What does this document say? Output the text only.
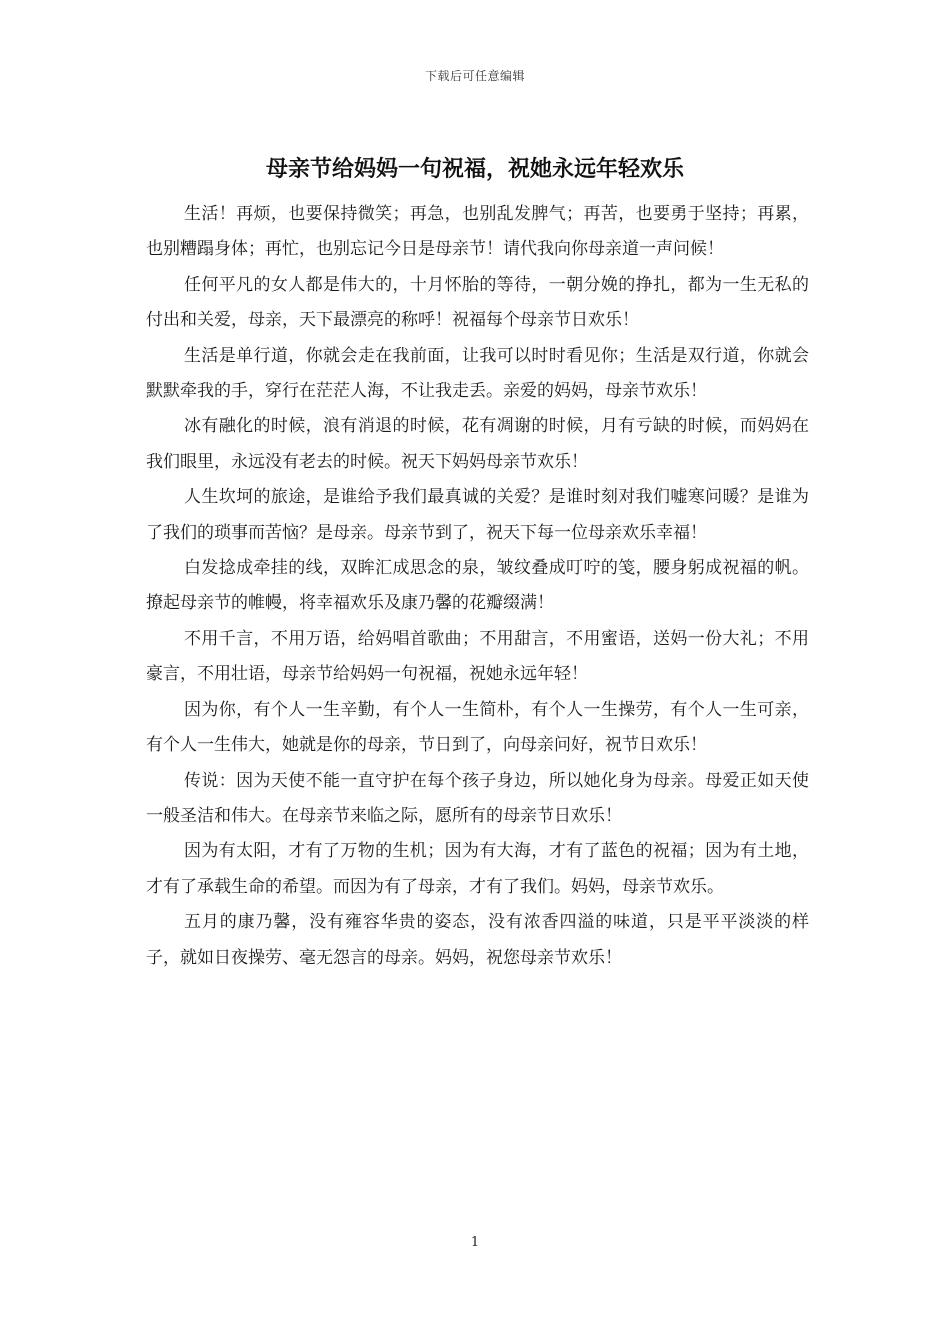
下载后可任意编辑
母亲节给妈妈一句祝福，祝她永远年轻欢乐

生活！再烦，也要保持微笑；再急，也别乱发脾气；再苦，也要勇于坚持；再累，也别糟蹋身体；再忙，也别忘记今日是母亲节！请代我向你母亲道一声问候！

任何平凡的女人都是伟大的，十月怀胎的等待，一朝分娩的挣扎，都为一生无私的付出和关爱，母亲，天下最漂亮的称呼！祝福每个母亲节日欢乐！

生活是单行道，你就会走在我前面，让我可以时时看见你；生活是双行道，你就会默默牵我的手，穿行在茫茫人海，不让我走丢。亲爱的妈妈，母亲节欢乐！

冰有融化的时候，浪有消退的时候，花有凋谢的时候，月有亏缺的时候，而妈妈在我们眼里，永远没有老去的时候。祝天下妈妈母亲节欢乐！

人生坎坷的旅途，是谁给予我们最真诚的关爱？是谁时刻对我们嘘寒问暖？是谁为了我们的琐事而苦恼？是母亲。母亲节到了，祝天下每一位母亲欢乐幸福！

白发捻成牵挂的线，双眸汇成思念的泉，皱纹叠成叮咛的笺，腰身躬成祝福的帆。撩起母亲节的帷幔，将幸福欢乐及康乃馨的花瓣缀满！

不用千言，不用万语，给妈唱首歌曲；不用甜言，不用蜜语，送妈一份大礼；不用豪言，不用壮语，母亲节给妈妈一句祝福，祝她永远年轻！

因为你，有个人一生辛勤，有个人一生简朴，有个人一生操劳，有个人一生可亲，有个人一生伟大，她就是你的母亲，节日到了，向母亲问好，祝节日欢乐！

传说：因为天使不能一直守护在每个孩子身边，所以她化身为母亲。母爱正如天使一般圣洁和伟大。在母亲节来临之际，愿所有的母亲节日欢乐！

因为有太阳，才有了万物的生机；因为有大海，才有了蓝色的祝福；因为有土地，才有了承载生命的希望。而因为有了母亲，才有了我们。妈妈，母亲节欢乐。

五月的康乃馨，没有雍容华贵的姿态，没有浓香四溢的味道，只是平平淡淡的样子，就如日夜操劳、毫无怨言的母亲。妈妈，祝您母亲节欢乐！

1
